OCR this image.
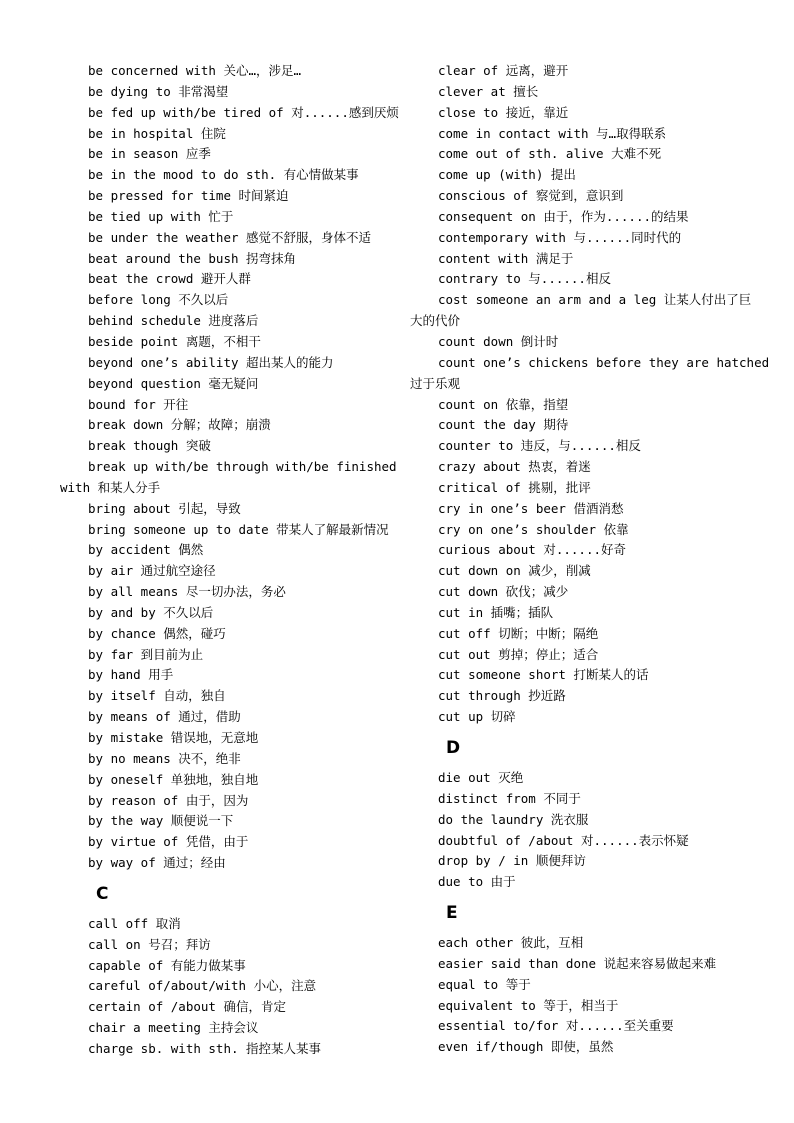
be concerned with 关心…，涉足…
be dying to 非常渴望
be fed up with/be tired of 对......感到厌烦
be in hospital 住院
be in season 应季
be in the mood to do sth. 有心情做某事
be pressed for time 时间紧迫
be tied up with 忙于
be under the weather 感觉不舒服，身体不适
beat around the bush 拐弯抹角
beat the crowd 避开人群
before long 不久以后
behind schedule 进度落后
beside point 离题，不相干
beyond one’s ability 超出某人的能力
beyond question 毫无疑问
bound for 开往
break down 分解；故障；崩溃
break though 突破
break up with/be through with/be finished
with 和某人分手
bring about 引起，导致
bring someone up to date 带某人了解最新情况
by accident 偶然
by air 通过航空途径
by all means 尽一切办法，务必
by and by 不久以后
by chance 偶然，碰巧
by far 到目前为止
by hand 用手
by itself 自动，独自
by means of 通过，借助
by mistake 错误地，无意地
by no means 决不，绝非
by oneself 单独地，独自地
by reason of 由于，因为
by the way 顺便说一下
by virtue of 凭借，由于
by way of 通过；经由
C
call off 取消
call on 号召；拜访
capable of 有能力做某事
careful of/about/with 小心，注意
certain of /about 确信，肯定
chair a meeting 主持会议
charge sb. with sth. 指控某人某事
clear of 远离，避开
clever at 擅长
close to 接近，靠近
come in contact with 与…取得联系
come out of sth. alive 大难不死
come up (with) 提出
conscious of 察觉到，意识到
consequent on 由于，作为......的结果
contemporary with 与......同时代的
content with 满足于
contrary to 与......相反
cost someone an arm and a leg 让某人付出了巨
大的代价
count down 倒计时
count one’s chickens before they are hatched
过于乐观
count on 依靠，指望
count the day 期待
counter to 违反，与......相反
crazy about 热衷，着迷
critical of 挑剔，批评
cry in one’s beer 借酒消愁
cry on one’s shoulder 依靠
curious about 对......好奇
cut down on 减少，削减
cut down 砍伐；减少
cut in 插嘴；插队
cut off 切断；中断；隔绝
cut out 剪掉；停止；适合
cut someone short 打断某人的话
cut through 抄近路
cut up 切碎
D
die out 灭绝
distinct from 不同于
do the laundry 洗衣服
doubtful of /about 对......表示怀疑
drop by / in 顺便拜访
due to 由于
E
each other 彼此，互相
easier said than done 说起来容易做起来难
equal to 等于
equivalent to 等于，相当于
essential to/for 对......至关重要
even if/though 即使，虽然
